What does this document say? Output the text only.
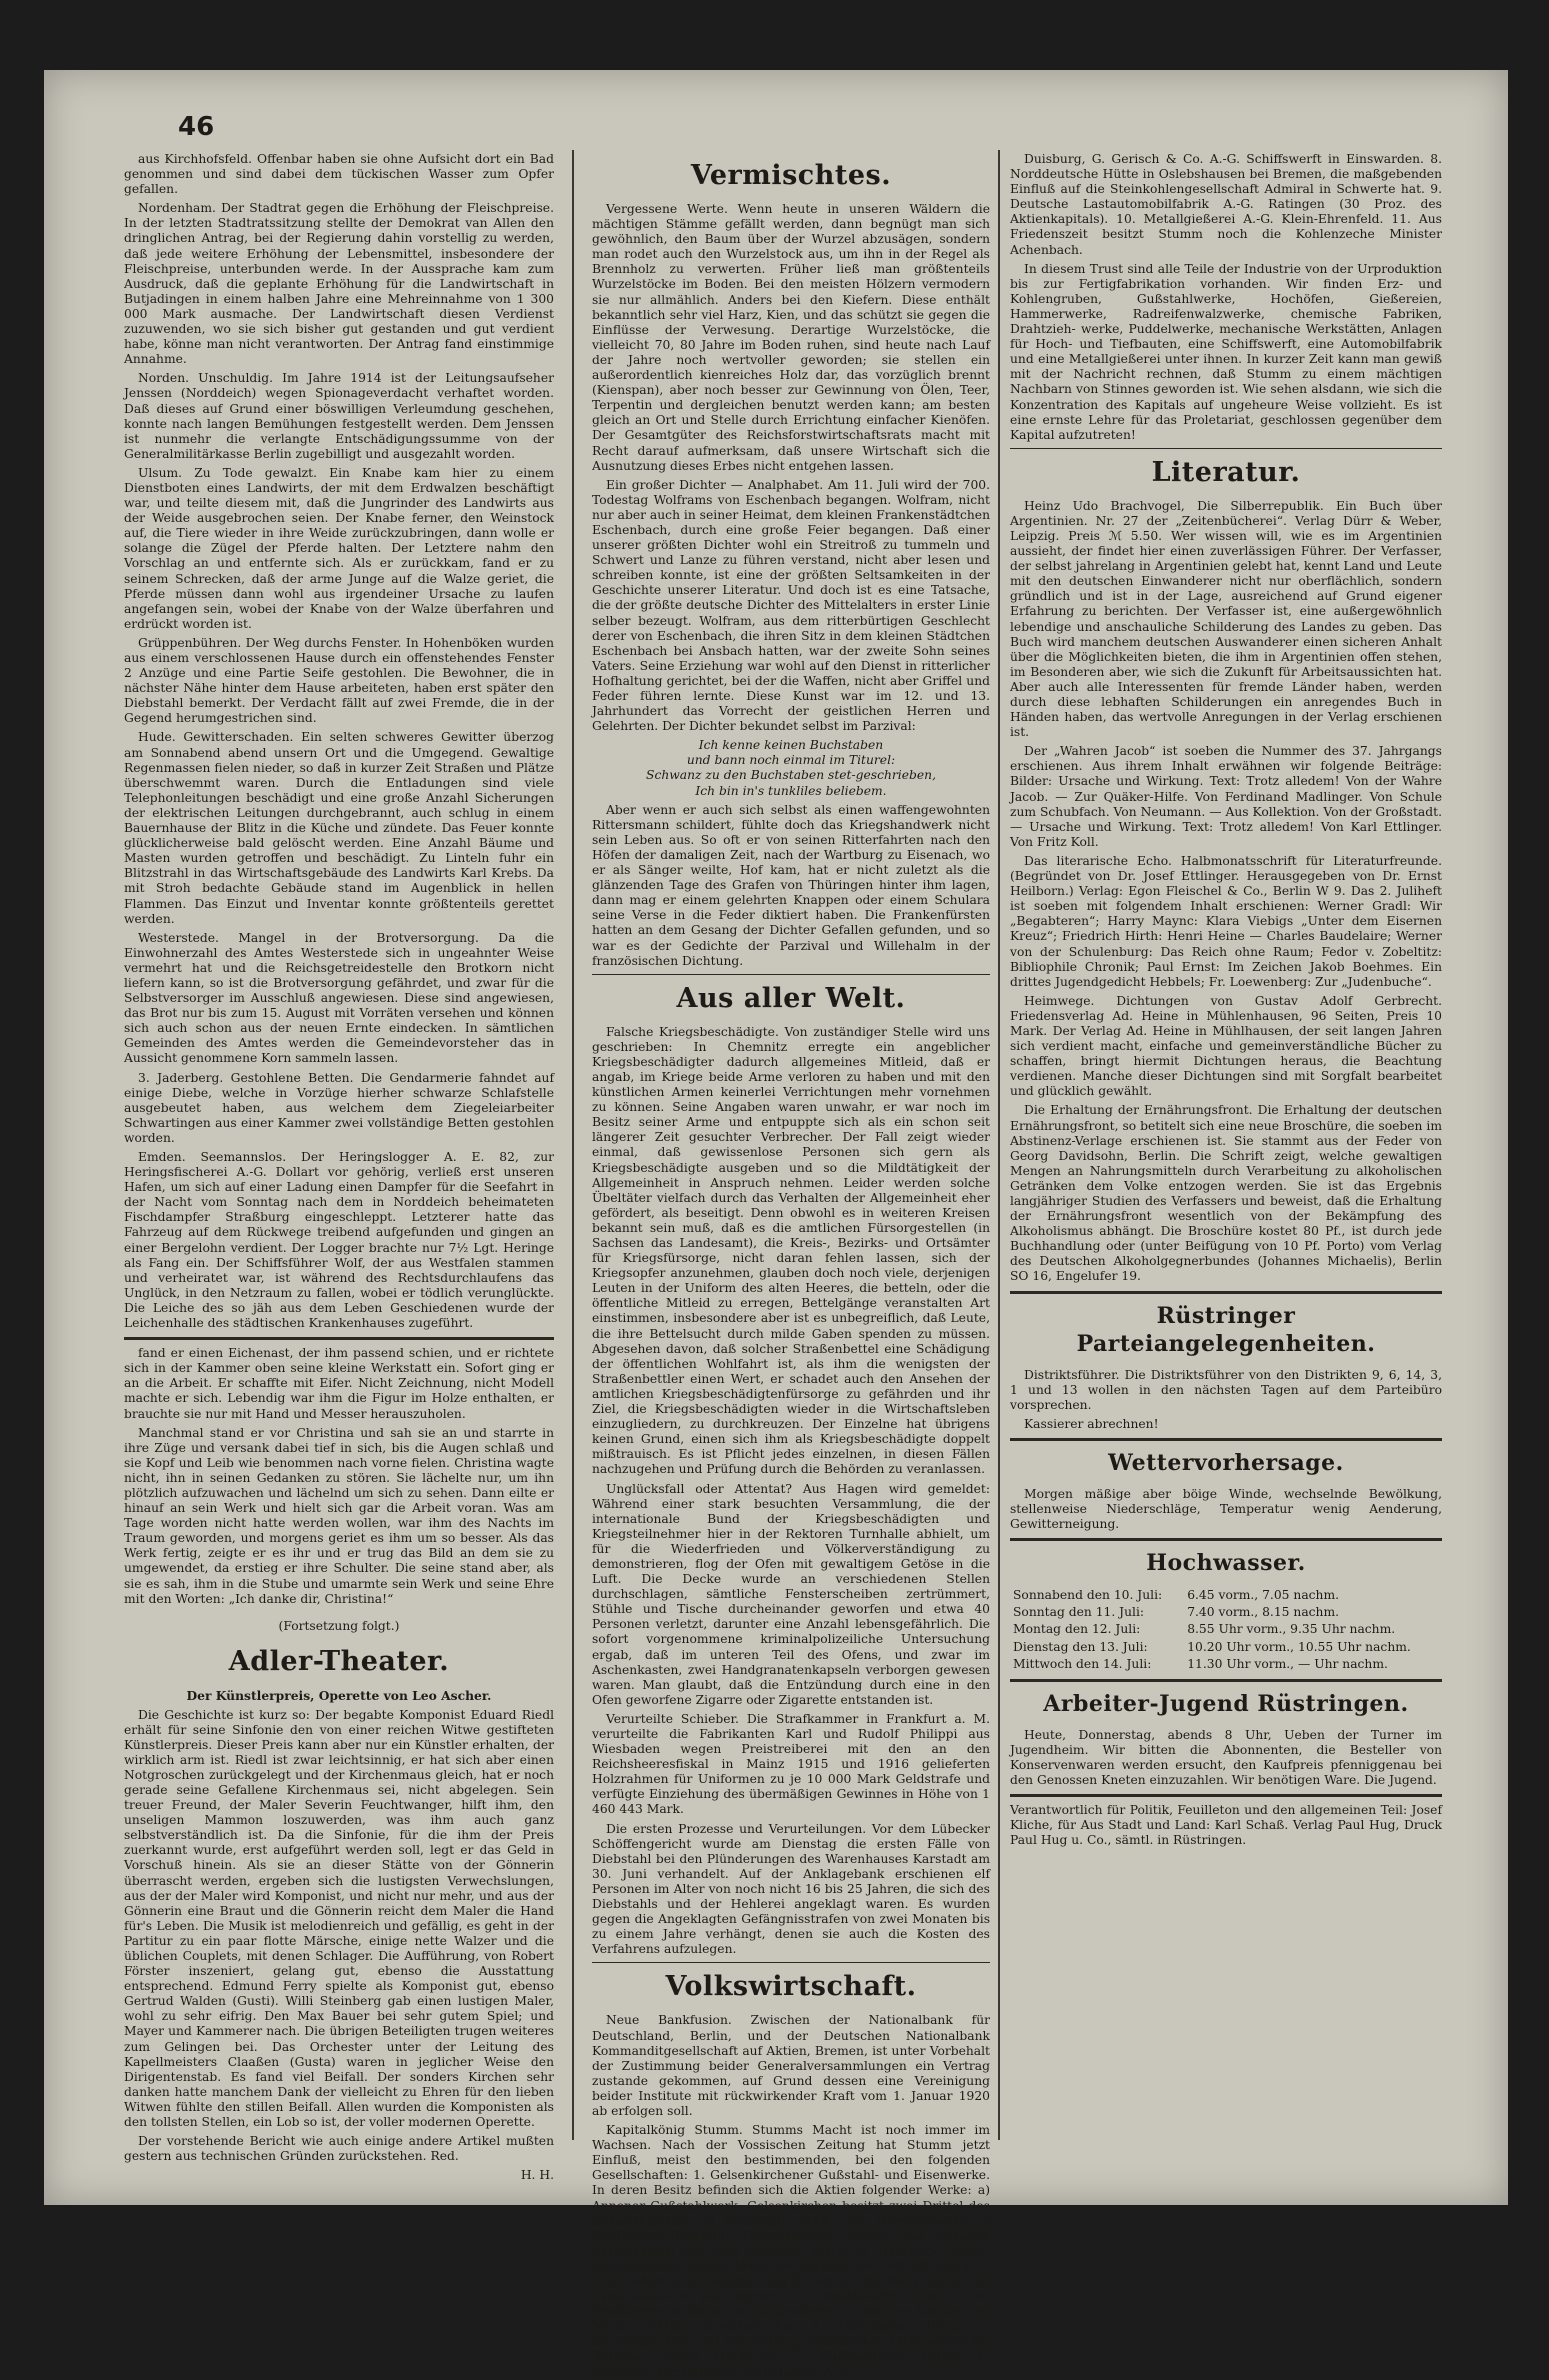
46

aus Kirchhofsfeld. Offenbar haben sie ohne Aufsicht dort ein Bad genommen und sind dabei dem tückischen Wasser zum Opfer gefallen.

Nordenham. Der Stadtrat gegen die Erhöhung der Fleischpreise. In der letzten Stadtratssitzung stellte der Demokrat van Allen den dringlichen Antrag, bei der Regierung dahin vorstellig zu werden, daß jede weitere Erhöhung der Lebensmittel, insbesondere der Fleischpreise, unterbunden werde. In der Aussprache kam zum Ausdruck, daß die geplante Erhöhung für die Landwirtschaft in Butjadingen in einem halben Jahre eine Mehreinnahme von 1 300 000 Mark ausmache. Der Landwirtschaft diesen Verdienst zuzuwenden, wo sie sich bisher gut gestanden und gut verdient habe, könne man nicht verantworten. Der Antrag fand einstimmige Annahme.

Norden. Unschuldig. Im Jahre 1914 ist der Leitungsaufseher Jenssen (Norddeich) wegen Spionageverdacht verhaftet worden. Daß dieses auf Grund einer böswilligen Verleumdung geschehen, konnte nach langen Bemühungen festgestellt werden. Dem Jenssen ist nunmehr die verlangte Entschädigungssumme von der Generalmilitärkasse Berlin zugebilligt und ausgezahlt worden.

Ulsum. Zu Tode gewalzt. Ein Knabe kam hier zu einem Dienstboten eines Landwirts, der mit dem Erdwalzen beschäftigt war, und teilte diesem mit, daß die Jungrinder des Landwirts aus der Weide ausgebrochen seien. Der Knabe ferner, den Weinstock auf, die Tiere wieder in ihre Weide zurückzubringen, dann wolle er solange die Zügel der Pferde halten. Der Letztere nahm den Vorschlag an und entfernte sich. Als er zurückkam, fand er zu seinem Schrecken, daß der arme Junge auf die Walze geriet, die Pferde müssen dann wohl aus irgendeiner Ursache zu laufen angefangen sein, wobei der Knabe von der Walze überfahren und erdrückt worden ist.

Grüppenbühren. Der Weg durchs Fenster. In Hohenböken wurden aus einem verschlossenen Hause durch ein offenstehendes Fenster 2 Anzüge und eine Partie Seife gestohlen. Die Bewohner, die in nächster Nähe hinter dem Hause arbeiteten, haben erst später den Diebstahl bemerkt. Der Verdacht fällt auf zwei Fremde, die in der Gegend herumgestrichen sind.

Hude. Gewitterschaden. Ein selten schweres Gewitter überzog am Sonnabend abend unsern Ort und die Umgegend. Gewaltige Regenmassen fielen nieder, so daß in kurzer Zeit Straßen und Plätze überschwemmt waren. Durch die Entladungen sind viele Telephonleitungen beschädigt und eine große Anzahl Sicherungen der elektrischen Leitungen durchgebrannt, auch schlug in einem Bauernhause der Blitz in die Küche und zündete. Das Feuer konnte glücklicherweise bald gelöscht werden. Eine Anzahl Bäume und Masten wurden getroffen und beschädigt. Zu Linteln fuhr ein Blitzstrahl in das Wirtschaftsgebäude des Landwirts Karl Krebs. Da mit Stroh bedachte Gebäude stand im Augenblick in hellen Flammen. Das Einzut und Inventar konnte größtenteils gerettet werden.

Westerstede. Mangel in der Brotversorgung. Da die Einwohnerzahl des Amtes Westerstede sich in ungeahnter Weise vermehrt hat und die Reichsgetreidestelle den Brotkorn nicht liefern kann, so ist die Brotversorgung gefährdet, und zwar für die Selbstversorger im Ausschluß angewiesen. Diese sind angewiesen, das Brot nur bis zum 15. August mit Vorräten versehen und können sich auch schon aus der neuen Ernte eindecken. In sämtlichen Gemeinden des Amtes werden die Gemeindevorsteher das in Aussicht genommene Korn sammeln lassen.

3. Jaderberg. Gestohlene Betten. Die Gendarmerie fahndet auf einige Diebe, welche in Vorzüge hierher schwarze Schlafstelle ausgebeutet haben, aus welchem dem Ziegeleiarbeiter Schwartingen aus einer Kammer zwei vollständige Betten gestohlen worden.

Emden. Seemannslos. Der Heringslogger A. E. 82, zur Heringsfischerei A.-G. Dollart vor gehörig, verließ erst unseren Hafen, um sich auf einer Ladung einen Dampfer für die Seefahrt in der Nacht vom Sonntag nach dem in Norddeich beheimateten Fischdampfer Straßburg eingeschleppt. Letzterer hatte das Fahrzeug auf dem Rückwege treibend aufgefunden und gingen an einer Bergelohn verdient. Der Logger brachte nur 7½ Lgt. Heringe als Fang ein. Der Schiffsführer Wolf, der aus Westfalen stammen und verheiratet war, ist während des Rechtsdurchlaufens das Unglück, in den Netzraum zu fallen, wobei er tödlich verunglückte. Die Leiche des so jäh aus dem Leben Geschiedenen wurde der Leichenhalle des städtischen Krankenhauses zugeführt.

fand er einen Eichenast, der ihm passend schien, und er richtete sich in der Kammer oben seine kleine Werkstatt ein. Sofort ging er an die Arbeit. Er schaffte mit Eifer. Nicht Zeichnung, nicht Modell machte er sich. Lebendig war ihm die Figur im Holze enthalten, er brauchte sie nur mit Hand und Messer herauszuholen.

Manchmal stand er vor Christina und sah sie an und starrte in ihre Züge und versank dabei tief in sich, bis die Augen schlaß und sie Kopf und Leib wie benommen nach vorne fielen. Christina wagte nicht, ihn in seinen Gedanken zu stören. Sie lächelte nur, um ihn plötzlich aufzuwachen und lächelnd um sich zu sehen. Dann eilte er hinauf an sein Werk und hielt sich gar die Arbeit voran. Was am Tage worden nicht hatte werden wollen, war ihm des Nachts im Traum geworden, und morgens geriet es ihm um so besser. Als das Werk fertig, zeigte er es ihr und er trug das Bild an dem sie zu umgewendet, da erstieg er ihre Schulter. Die seine stand aber, als sie es sah, ihm in die Stube und umarmte sein Werk und seine Ehre mit den Worten: „Ich danke dir, Christina!“

(Fortsetzung folgt.)

Adler-Theater.

Der Künstlerpreis, Operette von Leo Ascher.

Die Geschichte ist kurz so: Der begabte Komponist Eduard Riedl erhält für seine Sinfonie den von einer reichen Witwe gestifteten Künstlerpreis. Dieser Preis kann aber nur ein Künstler erhalten, der wirklich arm ist. Riedl ist zwar leichtsinnig, er hat sich aber einen Notgroschen zurückgelegt und der Kirchenmaus gleich, hat er noch gerade seine Gefallene Kirchenmaus sei, nicht abgelegen. Sein treuer Freund, der Maler Severin Feuchtwanger, hilft ihm, den unseligen Mammon loszuwerden, was ihm auch ganz selbstverständlich ist. Da die Sinfonie, für die ihm der Preis zuerkannt wurde, erst aufgeführt werden soll, legt er das Geld in Vorschuß hinein. Als sie an dieser Stätte von der Gönnerin überrascht werden, ergeben sich die lustigsten Verwechslungen, aus der der Maler wird Komponist, und nicht nur mehr, und aus der Gönnerin eine Braut und die Gönnerin reicht dem Maler die Hand für's Leben. Die Musik ist melodienreich und gefällig, es geht in der Partitur zu ein paar flotte Märsche, einige nette Walzer und die üblichen Couplets, mit denen Schlager. Die Aufführung, von Robert Förster inszeniert, gelang gut, ebenso die Ausstattung entsprechend. Edmund Ferry spielte als Komponist gut, ebenso Gertrud Walden (Gusti). Willi Steinberg gab einen lustigen Maler, wohl zu sehr eifrig. Den Max Bauer bei sehr gutem Spiel; und Mayer und Kammerer nach. Die übrigen Beteiligten trugen weiteres zum Gelingen bei. Das Orchester unter der Leitung des Kapellmeisters Claaßen (Gusta) waren in jeglicher Weise den Dirigentenstab. Es fand viel Beifall. Der sonders Kirchen sehr danken hatte manchem Dank der vielleicht zu Ehren für den lieben Witwen fühlte den stillen Beifall. Allen wurden die Komponisten als den tollsten Stellen, ein Lob so ist, der voller modernen Operette.

Der vorstehende Bericht wie auch einige andere Artikel mußten gestern aus technischen Gründen zurückstehen. Red.

H. H.

Vermischtes.

Vergessene Werte. Wenn heute in unseren Wäldern die mächtigen Stämme gefällt werden, dann begnügt man sich gewöhnlich, den Baum über der Wurzel abzusägen, sondern man rodet auch den Wurzelstock aus, um ihn in der Regel als Brennholz zu verwerten. Früher ließ man größtenteils Wurzelstöcke im Boden. Bei den meisten Hölzern vermodern sie nur allmählich. Anders bei den Kiefern. Diese enthält bekanntlich sehr viel Harz, Kien, und das schützt sie gegen die Einflüsse der Verwesung. Derartige Wurzelstöcke, die vielleicht 70, 80 Jahre im Boden ruhen, sind heute nach Lauf der Jahre noch wertvoller geworden; sie stellen ein außerordentlich kienreiches Holz dar, das vorzüglich brennt (Kienspan), aber noch besser zur Gewinnung von Ölen, Teer, Terpentin und dergleichen benutzt werden kann; am besten gleich an Ort und Stelle durch Errichtung einfacher Kienöfen. Der Gesamtgüter des Reichsforstwirtschaftsrats macht mit Recht darauf aufmerksam, daß unsere Wirtschaft sich die Ausnutzung dieses Erbes nicht entgehen lassen.

Ein großer Dichter — Analphabet. Am 11. Juli wird der 700. Todestag Wolframs von Eschenbach begangen. Wolfram, nicht nur aber auch in seiner Heimat, dem kleinen Frankenstädtchen Eschenbach, durch eine große Feier begangen. Daß einer unserer größten Dichter wohl ein Streitroß zu tummeln und Schwert und Lanze zu führen verstand, nicht aber lesen und schreiben konnte, ist eine der größten Seltsamkeiten in der Geschichte unserer Literatur. Und doch ist es eine Tatsache, die der größte deutsche Dichter des Mittelalters in erster Linie selber bezeugt. Wolfram, aus dem ritterbürtigen Geschlecht derer von Eschenbach, die ihren Sitz in dem kleinen Städtchen Eschenbach bei Ansbach hatten, war der zweite Sohn seines Vaters. Seine Erziehung war wohl auf den Dienst in ritterlicher Hofhaltung gerichtet, bei der die Waffen, nicht aber Griffel und Feder führen lernte. Diese Kunst war im 12. und 13. Jahrhundert das Vorrecht der geistlichen Herren und Gelehrten. Der Dichter bekundet selbst im Parzival:

Ich kenne keinen Buchstaben

und bann noch einmal im Titurel:

Schwanz zu den Buchstaben stet-geschrieben,

Ich bin in's tunkliles beliebem.

Aber wenn er auch sich selbst als einen waffengewohnten Rittersmann schildert, fühlte doch das Kriegshandwerk nicht sein Leben aus. So oft er von seinen Ritterfahrten nach den Höfen der damaligen Zeit, nach der Wartburg zu Eisenach, wo er als Sänger weilte, Hof kam, hat er nicht zuletzt als die glänzenden Tage des Grafen von Thüringen hinter ihm lagen, dann mag er einem gelehrten Knappen oder einem Schulara seine Verse in die Feder diktiert haben. Die Frankenfürsten hatten an dem Gesang der Dichter Gefallen gefunden, und so war es der Gedichte der Parzival und Willehalm in der französischen Dichtung.

Aus aller Welt.

Falsche Kriegsbeschädigte. Von zuständiger Stelle wird uns geschrieben: In Chemnitz erregte ein angeblicher Kriegsbeschädigter dadurch allgemeines Mitleid, daß er angab, im Kriege beide Arme verloren zu haben und mit den künstlichen Armen keinerlei Verrichtungen mehr vornehmen zu können. Seine Angaben waren unwahr, er war noch im Besitz seiner Arme und entpuppte sich als ein schon seit längerer Zeit gesuchter Verbrecher. Der Fall zeigt wieder einmal, daß gewissenlose Personen sich gern als Kriegsbeschädigte ausgeben und so die Mildtätigkeit der Allgemeinheit in Anspruch nehmen. Leider werden solche Übeltäter vielfach durch das Verhalten der Allgemeinheit eher gefördert, als beseitigt. Denn obwohl es in weiteren Kreisen bekannt sein muß, daß es die amtlichen Fürsorgestellen (in Sachsen das Landesamt), die Kreis-, Bezirks- und Ortsämter für Kriegsfürsorge, nicht daran fehlen lassen, sich der Kriegsopfer anzunehmen, glauben doch noch viele, derjenigen Leuten in der Uniform des alten Heeres, die betteln, oder die öffentliche Mitleid zu erregen, Bettelgänge veranstalten Art einstimmen, insbesondere aber ist es unbegreiflich, daß Leute, die ihre Bettelsucht durch milde Gaben spenden zu müssen. Abgesehen davon, daß solcher Straßenbettel eine Schädigung der öffentlichen Wohlfahrt ist, als ihm die wenigsten der Straßenbettler einen Wert, er schadet auch den Ansehen der amtlichen Kriegsbeschädigtenfürsorge zu gefährden und ihr Ziel, die Kriegsbeschädigten wieder in die Wirtschaftsleben einzugliedern, zu durchkreuzen. Der Einzelne hat übrigens keinen Grund, einen sich ihm als Kriegsbeschädigte doppelt mißtrauisch. Es ist Pflicht jedes einzelnen, in diesen Fällen nachzugehen und Prüfung durch die Behörden zu veranlassen.

Unglücksfall oder Attentat? Aus Hagen wird gemeldet: Während einer stark besuchten Versammlung, die der internationale Bund der Kriegsbeschädigten und Kriegsteilnehmer hier in der Rektoren Turnhalle abhielt, um für die Wiederfrieden und Völkerverständigung zu demonstrieren, flog der Ofen mit gewaltigem Getöse in die Luft. Die Decke wurde an verschiedenen Stellen durchschlagen, sämtliche Fensterscheiben zertrümmert, Stühle und Tische durcheinander geworfen und etwa 40 Personen verletzt, darunter eine Anzahl lebensgefährlich. Die sofort vorgenommene kriminalpolizeiliche Untersuchung ergab, daß im unteren Teil des Ofens, und zwar im Aschenkasten, zwei Handgranatenkapseln verborgen gewesen waren. Man glaubt, daß die Entzündung durch eine in den Ofen geworfene Zigarre oder Zigarette entstanden ist.

Verurteilte Schieber. Die Strafkammer in Frankfurt a. M. verurteilte die Fabrikanten Karl und Rudolf Philippi aus Wiesbaden wegen Preistreiberei mit den an den Reichsheeresfiskal in Mainz 1915 und 1916 gelieferten Holzrahmen für Uniformen zu je 10 000 Mark Geldstrafe und verfügte Einziehung des übermäßigen Gewinnes in Höhe von 1 460 443 Mark.

Die ersten Prozesse und Verurteilungen. Vor dem Lübecker Schöffengericht wurde am Dienstag die ersten Fälle von Diebstahl bei den Plünderungen des Warenhauses Karstadt am 30. Juni verhandelt. Auf der Anklagebank erschienen elf Personen im Alter von noch nicht 16 bis 25 Jahren, die sich des Diebstahls und der Hehlerei angeklagt waren. Es wurden gegen die Angeklagten Gefängnisstrafen von zwei Monaten bis zu einem Jahre verhängt, denen sie auch die Kosten des Verfahrens aufzulegen.

Volkswirtschaft.

Neue Bankfusion. Zwischen der Nationalbank für Deutschland, Berlin, und der Deutschen Nationalbank Kommanditgesellschaft auf Aktien, Bremen, ist unter Vorbehalt der Zustimmung beider Generalversammlungen ein Vertrag zustande gekommen, auf Grund dessen eine Vereinigung beider Institute mit rückwirkender Kraft vom 1. Januar 1920 ab erfolgen soll.

Kapitalkönig Stumm. Stumms Macht ist noch immer im Wachsen. Nach der Vossischen Zeitung hat Stumm jetzt Einfluß, meist den bestimmenden, bei den folgenden Gesellschaften: 1. Gelsenkirchener Gußstahl- und Eisenwerke. In deren Besitz befinden sich die Aktien folgender Werke: a) Annener Gußstahlwerk; Gelsenkirchen besitzt zwei Drittel des Gesamtkapitals. b) Vereinigte Preß- und Hammerwerke in Dahlhausen-Bielefeld; Gelsenkirchen besitzt das gesamte Aktienkapital von zwei Millionen Mark. b) Stahlwerk Oeling; Gelsenkirchen besitzt Aktien im Betrage von 768 000 Mark. 2. Eisenindustrie zu Menden und Schwerte; das Werk besitzt die Essentialkalide Jakobsbrunn. 3. Westfälische Eisen- und Drahtwerke in Werne bei Langendreer, an welchen Stumm eine Million Aktien erworben hat. 4. Aplerbecker Hütte. 5. Gerbergel, Kalk und Marienberg. Aplerbecker Aktienverein für Bergbau, Zeche Margarete. 5. Gußstahlwerk Witten. 6. Rheinisch-Westfälische Bauindustrie A.-G.

Duisburg, G. Gerisch & Co. A.-G. Schiffswerft in Einswarden. 8. Norddeutsche Hütte in Oslebshausen bei Bremen, die maßgebenden Einfluß auf die Steinkohlengesellschaft Admiral in Schwerte hat. 9. Deutsche Lastautomobilfabrik A.-G. Ratingen (30 Proz. des Aktienkapitals). 10. Metallgießerei A.-G. Klein-Ehrenfeld. 11. Aus Friedenszeit besitzt Stumm noch die Kohlenzeche Minister Achenbach.

In diesem Trust sind alle Teile der Industrie von der Urproduktion bis zur Fertigfabrikation vorhanden. Wir finden Erz- und Kohlengruben, Gußstahlwerke, Hochöfen, Gießereien, Hammerwerke, Radreifenwalzwerke, chemische Fabriken, Drahtzieh- werke, Puddelwerke, mechanische Werkstätten, Anlagen für Hoch- und Tiefbauten, eine Schiffswerft, eine Automobilfabrik und eine Metallgießerei unter ihnen. In kurzer Zeit kann man gewiß mit der Nachricht rechnen, daß Stumm zu einem mächtigen Nachbarn von Stinnes geworden ist. Wie sehen alsdann, wie sich die Konzentration des Kapitals auf ungeheure Weise vollzieht. Es ist eine ernste Lehre für das Proletariat, geschlossen gegenüber dem Kapital aufzutreten!

Literatur.

Heinz Udo Brachvogel, Die Silberrepublik. Ein Buch über Argentinien. Nr. 27 der „Zeitenbücherei“. Verlag Dürr & Weber, Leipzig. Preis ℳ 5.50. Wer wissen will, wie es im Argentinien aussieht, der findet hier einen zuverlässigen Führer. Der Verfasser, der selbst jahrelang in Argentinien gelebt hat, kennt Land und Leute mit den deutschen Einwanderer nicht nur oberflächlich, sondern gründlich und ist in der Lage, ausreichend auf Grund eigener Erfahrung zu berichten. Der Verfasser ist, eine außergewöhnlich lebendige und anschauliche Schilderung des Landes zu geben. Das Buch wird manchem deutschen Auswanderer einen sicheren Anhalt über die Möglichkeiten bieten, die ihm in Argentinien offen stehen, im Besonderen aber, wie sich die Zukunft für Arbeitsaussichten hat. Aber auch alle Interessenten für fremde Länder haben, werden durch diese lebhaften Schilderungen ein anregendes Buch in Händen haben, das wertvolle Anregungen in der Verlag erschienen ist.

Der „Wahren Jacob“ ist soeben die Nummer des 37. Jahrgangs erschienen. Aus ihrem Inhalt erwähnen wir folgende Beiträge: Bilder: Ursache und Wirkung. Text: Trotz alledem! Von der Wahre Jacob. — Zur Quäker-Hilfe. Von Ferdinand Madlinger. Von Schule zum Schubfach. Von Neumann. — Aus Kollektion. Von der Großstadt. — Ursache und Wirkung. Text: Trotz alledem! Von Karl Ettlinger. Von Fritz Koll.

Das literarische Echo. Halbmonatsschrift für Literaturfreunde. (Begründet von Dr. Josef Ettlinger. Herausgegeben von Dr. Ernst Heilborn.) Verlag: Egon Fleischel & Co., Berlin W 9. Das 2. Juliheft ist soeben mit folgendem Inhalt erschienen: Werner Gradl: Wir „Begabteren“; Harry Maync: Klara Viebigs „Unter dem Eisernen Kreuz“; Friedrich Hirth: Henri Heine — Charles Baudelaire; Werner von der Schulenburg: Das Reich ohne Raum; Fedor v. Zobeltitz: Bibliophile Chronik; Paul Ernst: Im Zeichen Jakob Boehmes. Ein drittes Jugendgedicht Hebbels; Fr. Loewenberg: Zur „Judenbuche“.

Heimwege. Dichtungen von Gustav Adolf Gerbrecht. Friedensverlag Ad. Heine in Mühlenhausen, 96 Seiten, Preis 10 Mark. Der Verlag Ad. Heine in Mühlhausen, der seit langen Jahren sich verdient macht, einfache und gemeinverständliche Bücher zu schaffen, bringt hiermit Dichtungen heraus, die Beachtung verdienen. Manche dieser Dichtungen sind mit Sorgfalt bearbeitet und glücklich gewählt.

Die Erhaltung der Ernährungsfront. Die Erhaltung der deutschen Ernährungsfront, so betitelt sich eine neue Broschüre, die soeben im Abstinenz-Verlage erschienen ist. Sie stammt aus der Feder von Georg Davidsohn, Berlin. Die Schrift zeigt, welche gewaltigen Mengen an Nahrungsmitteln durch Verarbeitung zu alkoholischen Getränken dem Volke entzogen werden. Sie ist das Ergebnis langjähriger Studien des Verfassers und beweist, daß die Erhaltung der Ernährungsfront wesentlich von der Bekämpfung des Alkoholismus abhängt. Die Broschüre kostet 80 Pf., ist durch jede Buchhandlung oder (unter Beifügung von 10 Pf. Porto) vom Verlag des Deutschen Alkoholgegnerbundes (Johannes Michaelis), Berlin SO 16, Engelufer 19.

Rüstringer Parteiangelegenheiten.

Distriktsführer. Die Distriktsführer von den Distrikten 9, 6, 14, 3, 1 und 13 wollen in den nächsten Tagen auf dem Parteibüro vorsprechen.

Kassierer abrechnen!

Wettervorhersage.

Morgen mäßige aber böige Winde, wechselnde Bewölkung, stellenweise Niederschläge, Temperatur wenig Aenderung, Gewitterneigung.

Hochwasser.
Sonnabend den 10. Juli:	6.45 vorm., 7.05 nachm.
Sonntag den 11. Juli:	7.40 vorm., 8.15 nachm.
Montag den 12. Juli:	8.55 Uhr vorm., 9.35 Uhr nachm.
Dienstag den 13. Juli:	10.20 Uhr vorm., 10.55 Uhr nachm.
Mittwoch den 14. Juli:	11.30 Uhr vorm., — Uhr nachm.
Arbeiter-Jugend Rüstringen.

Heute, Donnerstag, abends 8 Uhr, Ueben der Turner im Jugendheim. Wir bitten die Abonnenten, die Besteller von Konservenwaren werden ersucht, den Kaufpreis pfenniggenau bei den Genossen Kneten einzuzahlen. Wir benötigen Ware. Die Jugend.

Verantwortlich für Politik, Feuilleton und den allgemeinen Teil: Josef Kliche, für Aus Stadt und Land: Karl Schaß. Verlag Paul Hug, Druck Paul Hug u. Co., sämtl. in Rüstringen.
